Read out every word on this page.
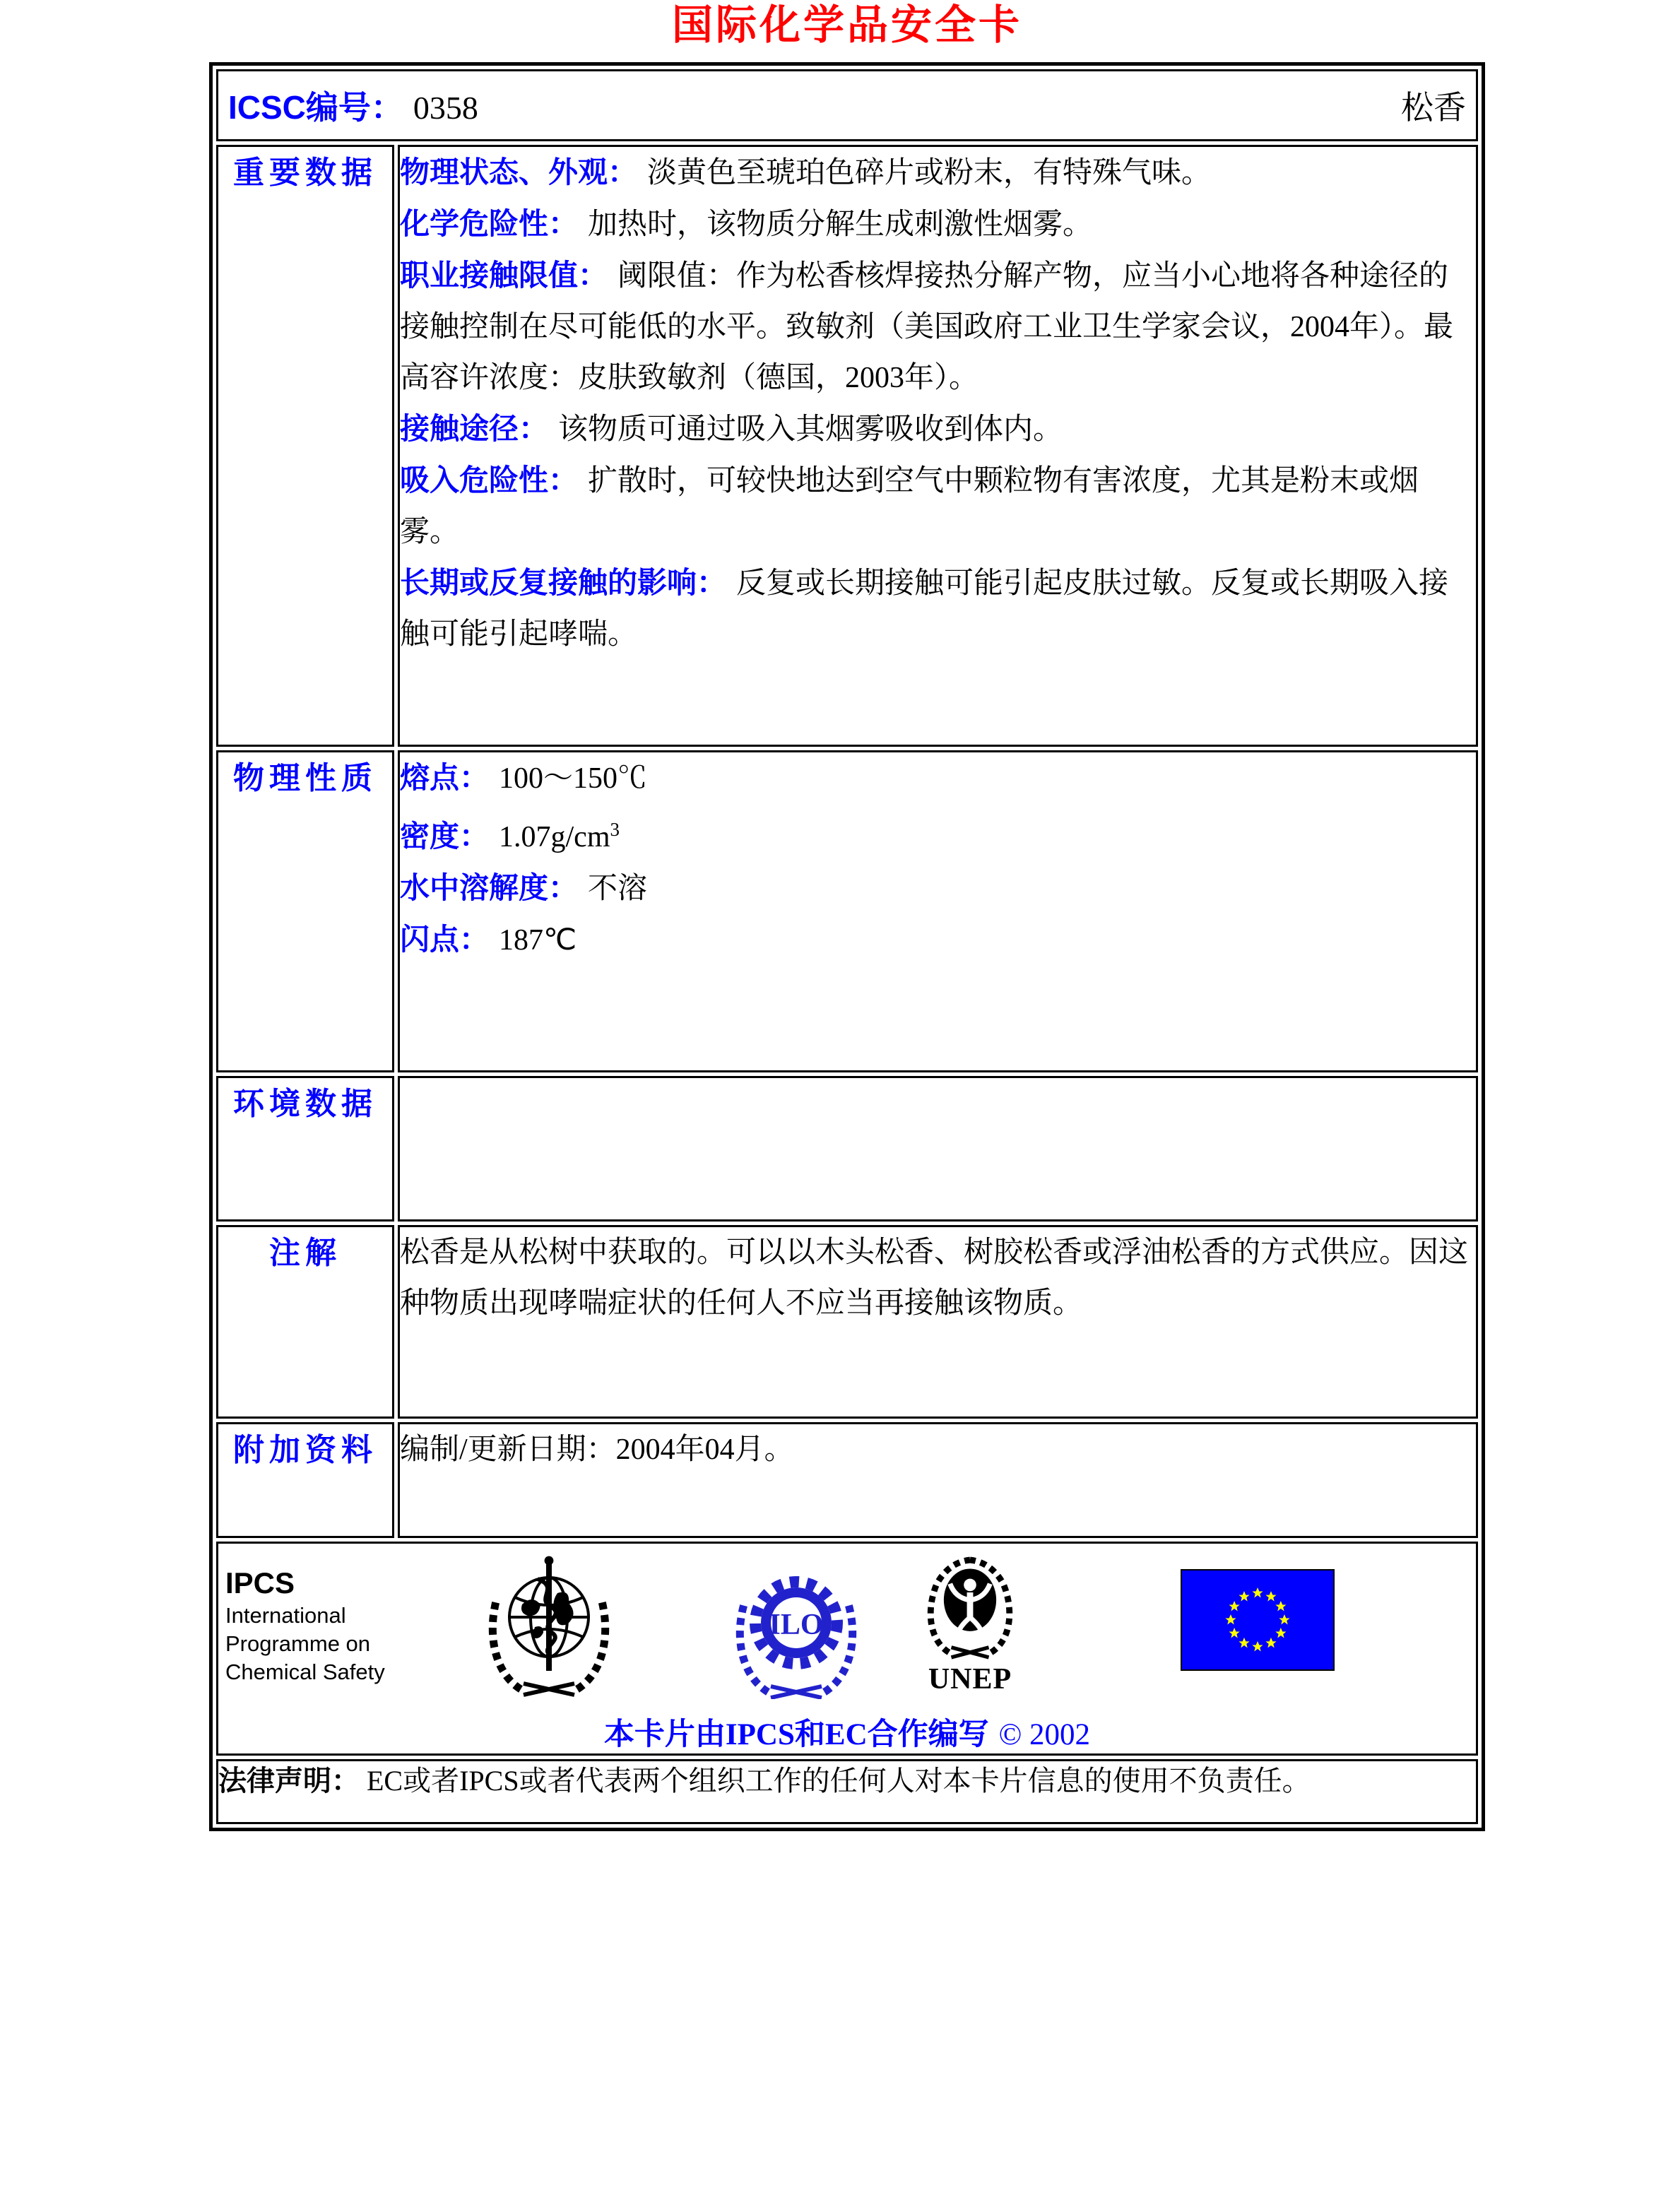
国际化学品安全卡
ICSC编号： 0358 松香	

重要数据	物理状态、外观： 淡黄色至琥珀色碎片或粉末，有特殊气味。

化学危险性： 加热时，该物质分解生成刺激性烟雾。

职业接触限值： 阈限值：作为松香核焊接热分解产物，应当小心地将各种途径的接触控制在尽可能低的水平。致敏剂（美国政府工业卫生学家会议，2004年）。最高容许浓度：皮肤致敏剂（德国，2003年）。

接触途径： 该物质可通过吸入其烟雾吸收到体内。

吸入危险性： 扩散时，可较快地达到空气中颗粒物有害浓度，尤其是粉末或烟雾。

长期或反复接触的影响： 反复或长期接触可能引起皮肤过敏。反复或长期吸入接触可能引起哮喘。

物理性质	熔点： 100～150℃

密度： $1.07g/cm^3$

水中溶解度： 不溶

闪点： 187℃

环境数据	

注解	松香是从松树中获取的。可以以木头松香、树胶松香或浮油松香的方式供应。因这种物质出现哮喘症状的任何人不应当再接触该物质。

附加资料	编制/更新日期：2004年04月。

IPCS
International
Programme on
Chemical Safety
ILO
UNEP
本卡片由IPCS和EC合作编写 © 2002

法律声明： EC或者IPCS或者代表两个组织工作的任何人对本卡片信息的使用不负责任。	
